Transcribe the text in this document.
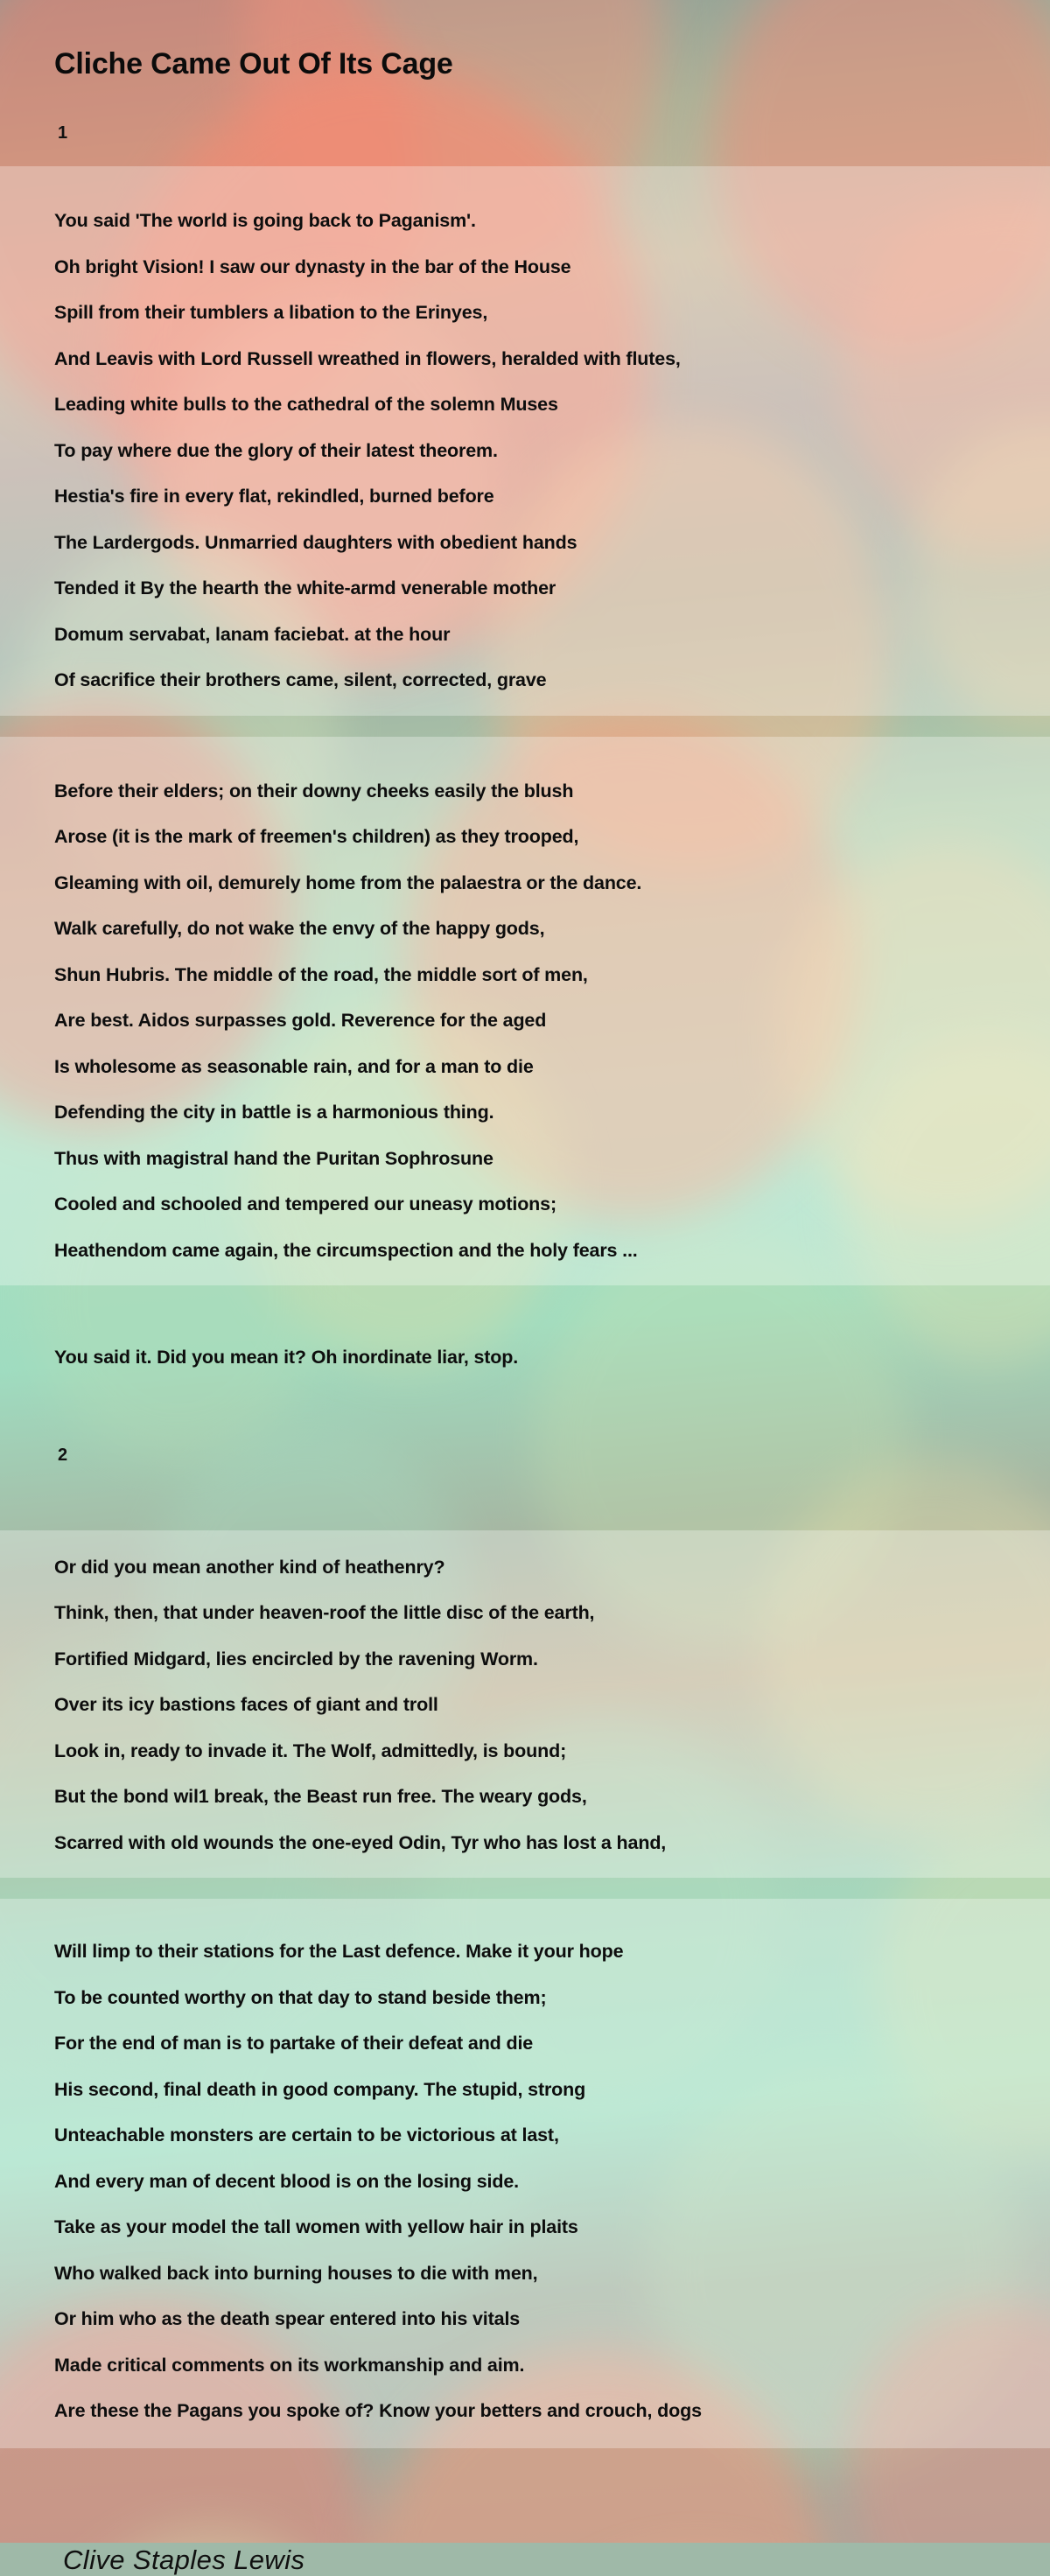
Cliche Came Out Of Its Cage
1
You said 'The world is going back to Paganism'.
Oh bright Vision! I saw our dynasty in the bar of the House
Spill from their tumblers a libation to the Erinyes,
And Leavis with Lord Russell wreathed in flowers, heralded with flutes,
Leading white bulls to the cathedral of the solemn Muses
To pay where due the glory of their latest theorem.
Hestia's fire in every flat, rekindled, burned before
The Lardergods. Unmarried daughters with obedient hands
Tended it By the hearth the white-armd venerable mother
Domum servabat, lanam faciebat. at the hour
Of sacrifice their brothers came, silent, corrected, grave
Before their elders; on their downy cheeks easily the blush
Arose (it is the mark of freemen's children) as they trooped,
Gleaming with oil, demurely home from the palaestra or the dance.
Walk carefully, do not wake the envy of the happy gods,
Shun Hubris. The middle of the road, the middle sort of men,
Are best. Aidos surpasses gold. Reverence for the aged
Is wholesome as seasonable rain, and for a man to die
Defending the city in battle is a harmonious thing.
Thus with magistral hand the Puritan Sophrosune
Cooled and schooled and tempered our uneasy motions;
Heathendom came again, the circumspection and the holy fears ...
You said it. Did you mean it? Oh inordinate liar, stop.
2
Or did you mean another kind of heathenry?
Think, then, that under heaven-roof the little disc of the earth,
Fortified Midgard, lies encircled by the ravening Worm.
Over its icy bastions faces of giant and troll
Look in, ready to invade it. The Wolf, admittedly, is bound;
But the bond wil1 break, the Beast run free. The weary gods,
Scarred with old wounds the one-eyed Odin, Tyr who has lost a hand,
Will limp to their stations for the Last defence. Make it your hope
To be counted worthy on that day to stand beside them;
For the end of man is to partake of their defeat and die
His second, final death in good company. The stupid, strong
Unteachable monsters are certain to be victorious at last,
And every man of decent blood is on the losing side.
Take as your model the tall women with yellow hair in plaits
Who walked back into burning houses to die with men,
Or him who as the death spear entered into his vitals
Made critical comments on its workmanship and aim.
Are these the Pagans you spoke of? Know your betters and crouch, dogs
Clive Staples Lewis
